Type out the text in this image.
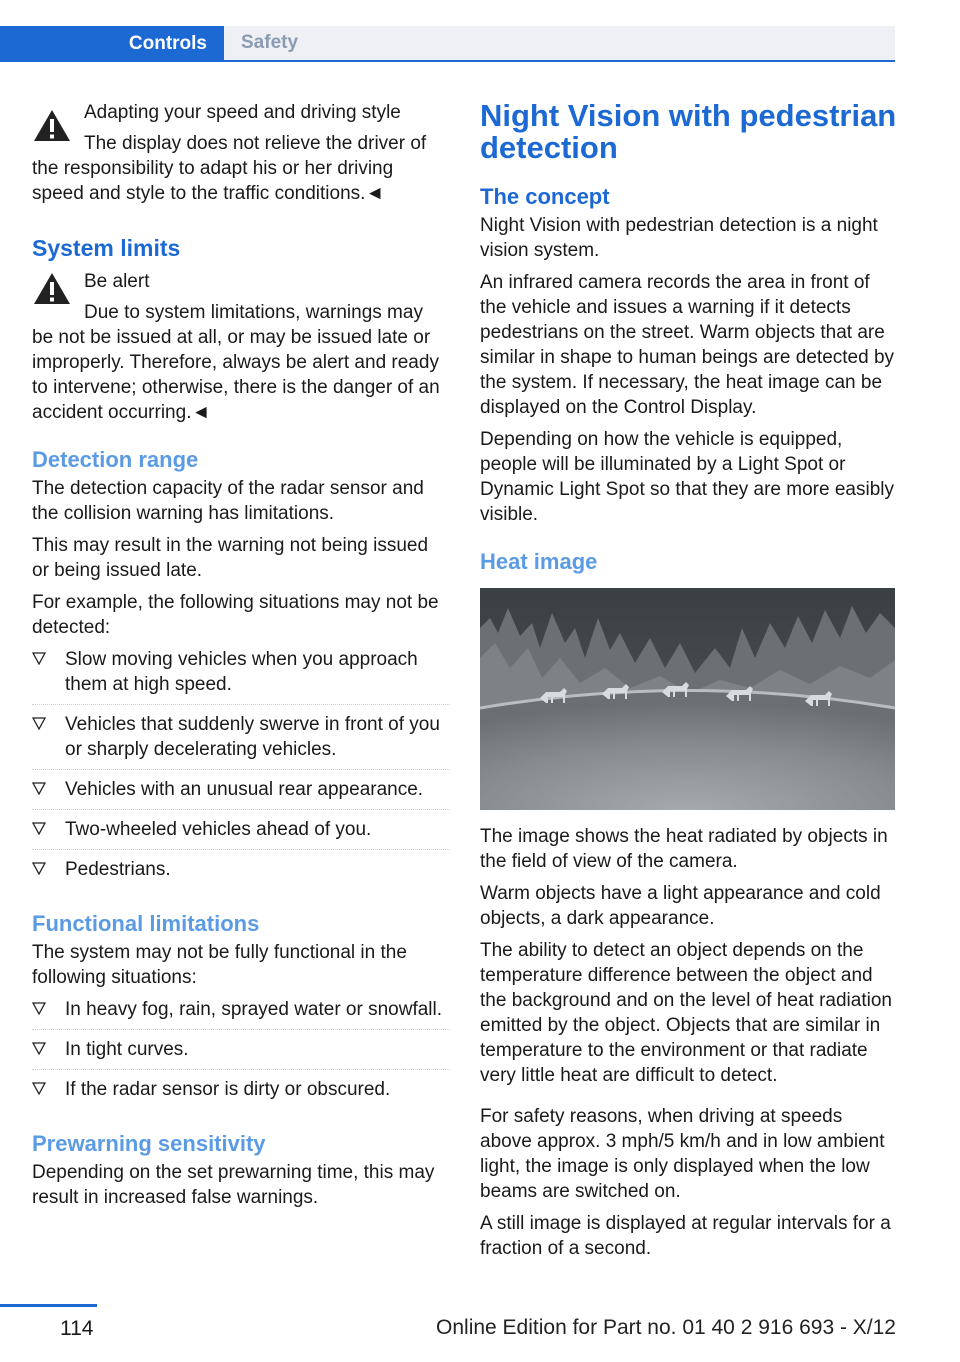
Controls	Safety

Adapting your speed and driving style

The display does not relieve the driver of

the responsibility to adapt his or her driving speed and style to the traffic conditions.◄

System limits

Be alert

Due to system limitations, warnings may

be not be issued at all, or may be issued late or improperly. Therefore, always be alert and ready to intervene; otherwise, there is the danger of an accident occurring.◄

Detection range

The detection capacity of the radar sensor and the collision warning has limitations.

This may result in the warning not being issued or being issued late.

For example, the following situations may not be detected:

Slow moving vehicles when you approach them at high speed.
Vehicles that suddenly swerve in front of you or sharply decelerating vehicles.
Vehicles with an unusual rear appearance.
Two-wheeled vehicles ahead of you.
Pedestrians.
Functional limitations

The system may not be fully functional in the following situations:

In heavy fog, rain, sprayed water or snowfall.
In tight curves.
If the radar sensor is dirty or obscured.
Prewarning sensitivity

Depending on the set prewarning time, this may result in increased false warnings.

Night Vision with pedestrian detection
The concept

Night Vision with pedestrian detection is a night vision system.

An infrared camera records the area in front of the vehicle and issues a warning if it detects pedestrians on the street. Warm objects that are similar in shape to human beings are detected by the system. If necessary, the heat image can be displayed on the Control Display.

Depending on how the vehicle is equipped, people will be illuminated by a Light Spot or Dynamic Light Spot so that they are more easibly visible.

Heat image

The image shows the heat radiated by objects in the field of view of the camera.

Warm objects have a light appearance and cold objects, a dark appearance.

The ability to detect an object depends on the temperature difference between the object and the background and on the level of heat radiation emitted by the object. Objects that are similar in temperature to the environment or that radiate very little heat are difficult to detect.

For safety reasons, when driving at speeds above approx. 3 mph/5 km/h and in low ambient light, the image is only displayed when the low beams are switched on.

A still image is displayed at regular intervals for a fraction of a second.

114	Online Edition for Part no. 01 40 2 916 693 - X/12
